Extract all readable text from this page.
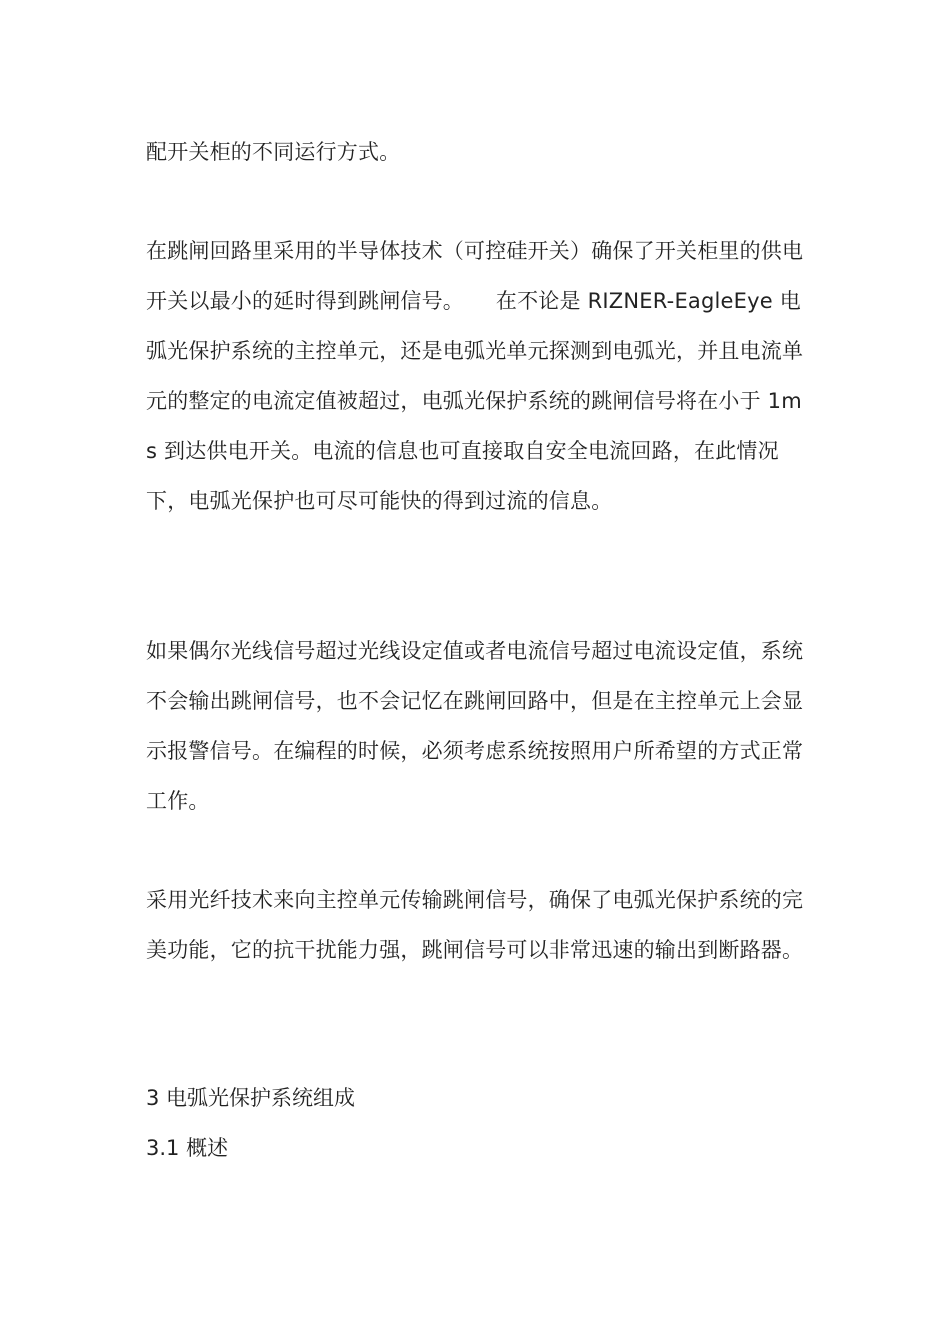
配开关柜的不同运行方式。
在跳闸回路里采用的半导体技术（可控硅开关）确保了开关柜里的供电开关以最小的延时得到跳闸信号。　　在不论是 RIZNER-EagleEye 电弧光保护系统的主控单元，还是电弧光单元探测到电弧光，并且电流单元的整定的电流定值被超过，电弧光保护系统的跳闸信号将在小于 1ms 到达供电开关。电流的信息也可直接取自安全电流回路，在此情况下，电弧光保护也可尽可能快的得到过流的信息。
如果偶尔光线信号超过光线设定值或者电流信号超过电流设定值，系统不会输出跳闸信号，也不会记忆在跳闸回路中，但是在主控单元上会显示报警信号。在编程的时候，必须考虑系统按照用户所希望的方式正常工作。
采用光纤技术来向主控单元传输跳闸信号，确保了电弧光保护系统的完美功能，它的抗干扰能力强，跳闸信号可以非常迅速的输出到断路器。
3 电弧光保护系统组成
3.1 概述
